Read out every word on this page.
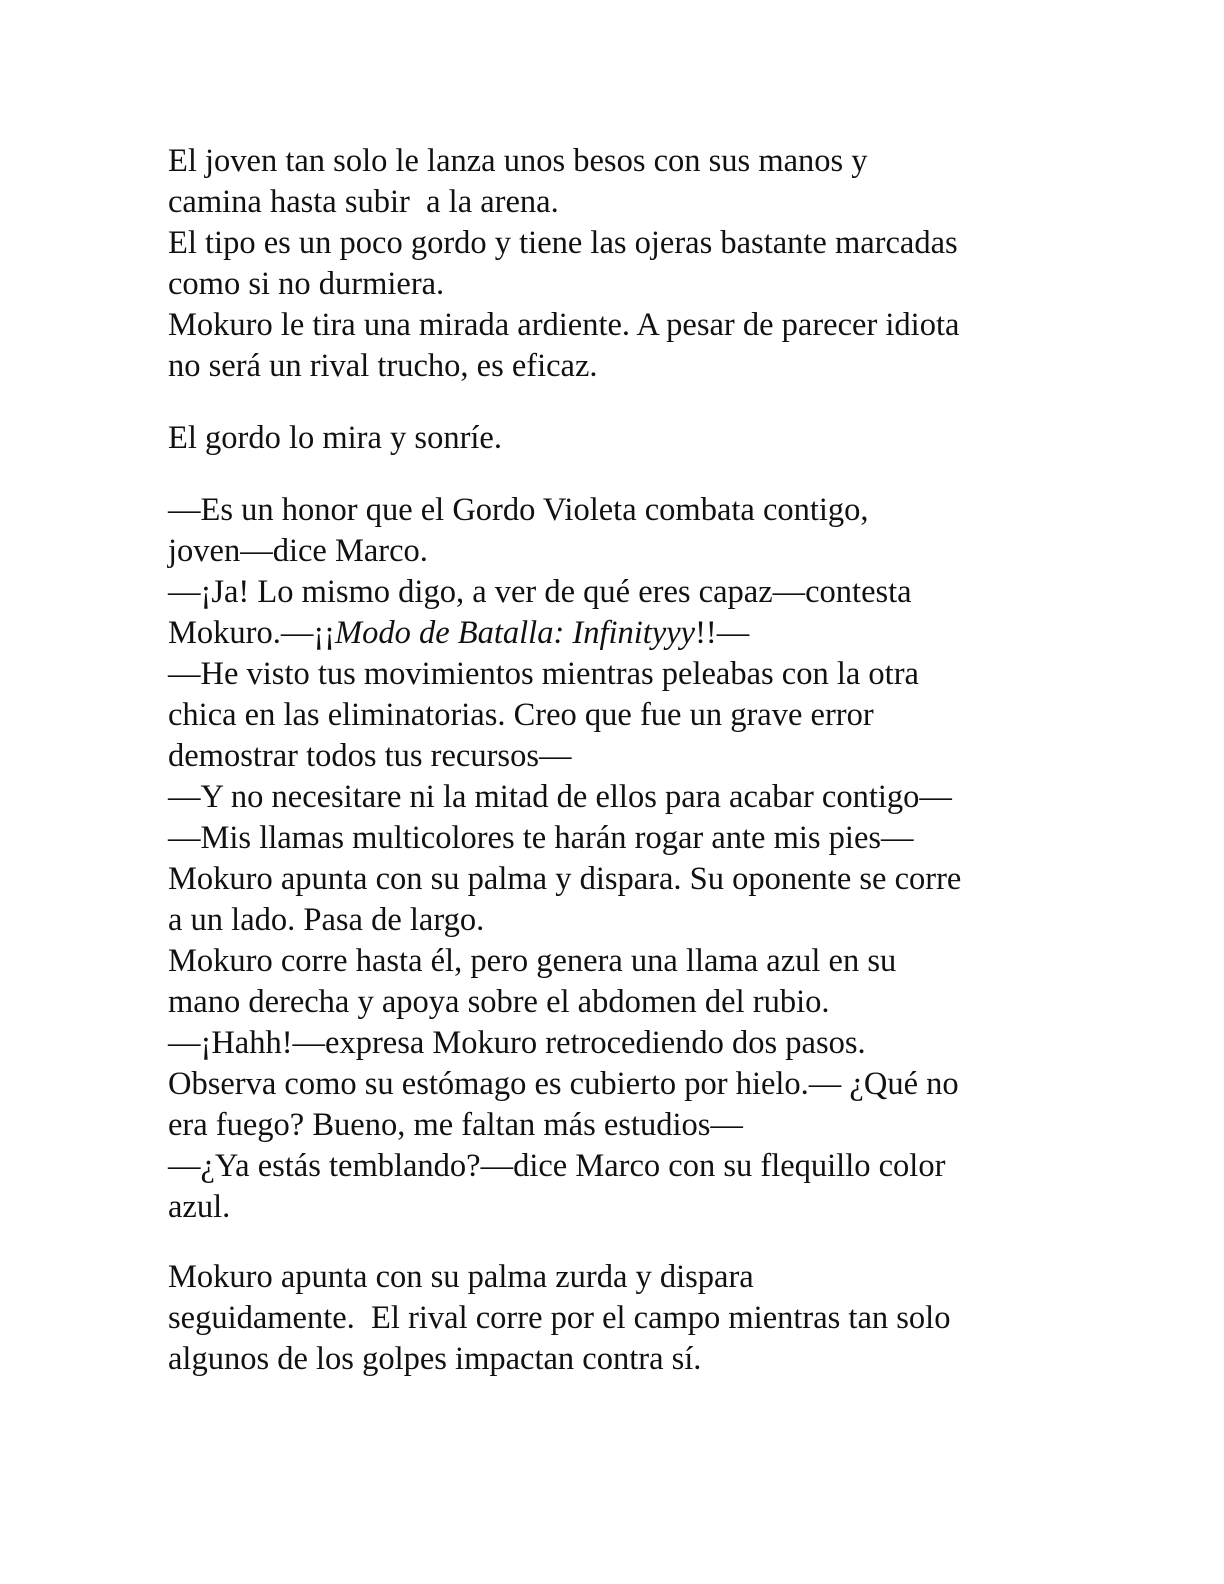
El joven tan solo le lanza unos besos con sus manos y
camina hasta subir  a la arena.
El tipo es un poco gordo y tiene las ojeras bastante marcadas
como si no durmiera.
Mokuro le tira una mirada ardiente. A pesar de parecer idiota
no será un rival trucho, es eficaz.
El gordo lo mira y sonríe.
—Es un honor que el Gordo Violeta combata contigo,
joven—dice Marco.
—¡Ja! Lo mismo digo, a ver de qué eres capaz—contesta
Mokuro.—¡¡Modo de Batalla: Infinityyy!!—
—He visto tus movimientos mientras peleabas con la otra
chica en las eliminatorias. Creo que fue un grave error
demostrar todos tus recursos—
—Y no necesitare ni la mitad de ellos para acabar contigo—
—Mis llamas multicolores te harán rogar ante mis pies—
Mokuro apunta con su palma y dispara. Su oponente se corre
a un lado. Pasa de largo.
Mokuro corre hasta él, pero genera una llama azul en su
mano derecha y apoya sobre el abdomen del rubio.
—¡Hahh!—expresa Mokuro retrocediendo dos pasos.
Observa como su estómago es cubierto por hielo.— ¿Qué no
era fuego? Bueno, me faltan más estudios—
—¿Ya estás temblando?—dice Marco con su flequillo color
azul.
Mokuro apunta con su palma zurda y dispara
seguidamente.  El rival corre por el campo mientras tan solo
algunos de los golpes impactan contra sí.
